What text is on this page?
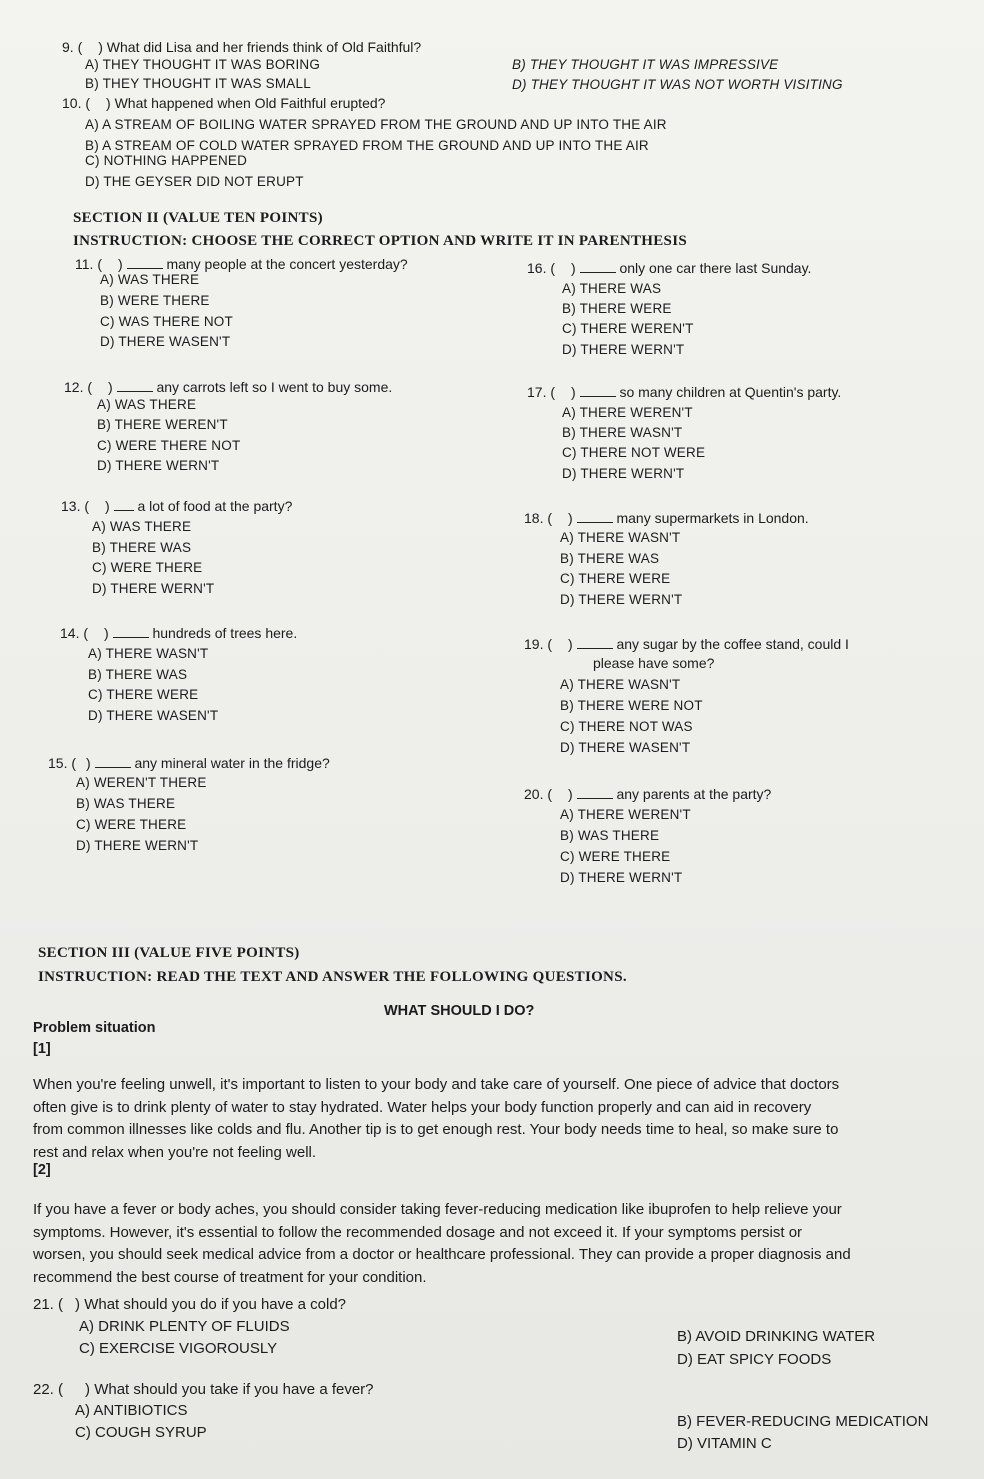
9. ( ) What did Lisa and her friends think of Old Faithful?
A) THEY THOUGHT IT WAS BORING
B) THEY THOUGHT IT WAS SMALL
B) THEY THOUGHT IT WAS IMPRESSIVE
D) THEY THOUGHT IT WAS NOT WORTH VISITING
10. ( ) What happened when Old Faithful erupted?
A) A STREAM OF BOILING WATER SPRAYED FROM THE GROUND AND UP INTO THE AIR
B) A STREAM OF COLD WATER SPRAYED FROM THE GROUND AND UP INTO THE AIR
C) NOTHING HAPPENED
D) THE GEYSER DID NOT ERUPT
SECTION II (VALUE TEN POINTS)
INSTRUCTION: CHOOSE THE CORRECT OPTION AND WRITE IT IN PARENTHESIS
11. ( )	many people at the concert yesterday?
A) WAS THERE
B) WERE THERE
C) WAS THERE NOT
D) THERE WASEN'T
16. ( )	only one car there last Sunday.
A) THERE WAS
B) THERE WERE
C) THERE WEREN'T
D) THERE WERN'T
12. ( )	any carrots left so I went to buy some.
A) WAS THERE
B) THERE WEREN'T
C) WERE THERE NOT
D) THERE WERN'T
17. ( )	so many children at Quentin's party.
A) THERE WEREN'T
B) THERE WASN'T
C) THERE NOT WERE
D) THERE WERN'T
13. ( ) a lot of food at the party?
A) WAS THERE
B) THERE WAS
C) WERE THERE
D) THERE WERN'T
18. ( )	many supermarkets in London.
A) THERE WASN'T
B) THERE WAS
C) THERE WERE
D) THERE WERN'T
14. ( )	hundreds of trees here.
A) THERE WASN'T
B) THERE WAS
C) THERE WERE
D) THERE WASEN'T
19. ( )	any sugar by the coffee stand, could I
please have some?
A) THERE WASN'T
B) THERE WERE NOT
C) THERE NOT WAS
D) THERE WASEN'T
15. ( )	any mineral water in the fridge?
A) WEREN'T THERE
B) WAS THERE
C) WERE THERE
D) THERE WERN'T
20. ( )	any parents at the party?
A) THERE WEREN'T
B) WAS THERE
C) WERE THERE
D) THERE WERN'T
SECTION III (VALUE FIVE POINTS)
INSTRUCTION: READ THE TEXT AND ANSWER THE FOLLOWING QUESTIONS.
WHAT SHOULD I DO?
Problem situation
[1]
When you're feeling unwell, it's important to listen to your body and take care of yourself. One piece of advice that doctors
often give is to drink plenty of water to stay hydrated. Water helps your body function properly and can aid in recovery
from common illnesses like colds and flu. Another tip is to get enough rest. Your body needs time to heal, so make sure to
rest and relax when you're not feeling well.
[2]
If you have a fever or body aches, you should consider taking fever-reducing medication like ibuprofen to help relieve your
symptoms. However, it's essential to follow the recommended dosage and not exceed it. If your symptoms persist or
worsen, you should seek medical advice from a doctor or healthcare professional. They can provide a proper diagnosis and
recommend the best course of treatment for your condition.
21. ( ) What should you do if you have a cold?
A) DRINK PLENTY OF FLUIDS
B) AVOID DRINKING WATER
C) EXERCISE VIGOROUSLY
D) EAT SPICY FOODS
22. ( ) What should you take if you have a fever?
A) ANTIBIOTICS
B) FEVER-REDUCING MEDICATION
C) COUGH SYRUP
D) VITAMIN C
